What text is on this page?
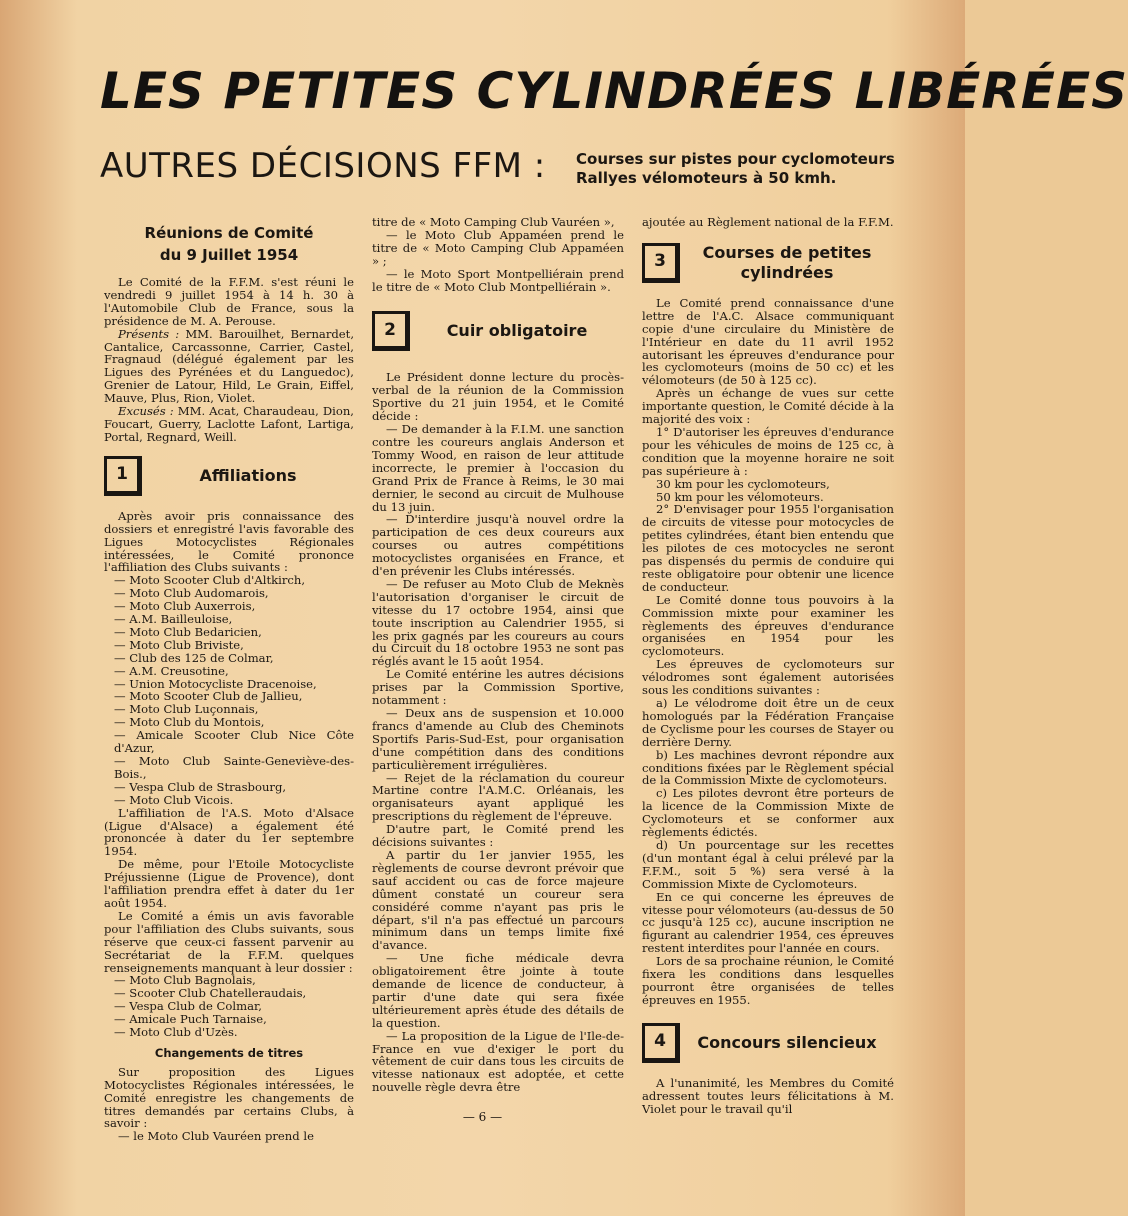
LES PETITES CYLINDRÉES LIBÉRÉES
AUTRES DÉCISIONS FFM : Courses sur pistes pour cyclomoteurs
Rallyes vélomoteurs à 50 kmh.
Réunions de Comité
du 9 Juillet 1954

Le Comité de la F.F.M. s'est réuni le vendredi 9 juillet 1954 à 14 h. 30 à l'Automobile Club de France, sous la présidence de M. A. Perouse.

Présents : MM. Barouilhet, Bernardet, Cantalice, Carcassonne, Carrier, Castel, Fragnaud (délégué également par les Ligues des Pyrénées et du Languedoc), Grenier de Latour, Hild, Le Grain, Eiffel, Mauve, Plus, Rion, Violet.

Excusés : MM. Acat, Charaudeau, Dion, Foucart, Guerry, Laclotte Lafont, Lartiga, Portal, Regnard, Weill.

1	Affiliations

Après avoir pris connaissance des dossiers et enregistré l'avis favorable des Ligues Motocyclistes Régionales intéressées, le Comité prononce l'affiliation des Clubs suivants :

— Moto Scooter Club d'Altkirch,
— Moto Club Audomarois,
— Moto Club Auxerrois,
— A.M. Bailleuloise,
— Moto Club Bedaricien,
— Moto Club Briviste,
— Club des 125 de Colmar,
— A.M. Creusotine,
— Union Motocycliste Dracenoise,
— Moto Scooter Club de Jallieu,
— Moto Club Luçonnais,
— Moto Club du Montois,
— Amicale Scooter Club Nice Côte d'Azur,
— Moto Club Sainte-Geneviève-des-Bois.,
— Vespa Club de Strasbourg,
— Moto Club Vicois.

L'affiliation de l'A.S. Moto d'Alsace (Ligue d'Alsace) a également été prononcée à dater du 1er septembre 1954.

De même, pour l'Etoile Motocycliste Préjussienne (Ligue de Provence), dont l'affiliation prendra effet à dater du 1er août 1954.

Le Comité a émis un avis favorable pour l'affiliation des Clubs suivants, sous réserve que ceux-ci fassent parvenir au Secrétariat de la F.F.M. quelques renseignements manquant à leur dossier :

— Moto Club Bagnolais,
— Scooter Club Chatelleraudais,
— Vespa Club de Colmar,
— Amicale Puch Tarnaise,
— Moto Club d'Uzès.
Changements de titres

Sur proposition des Ligues Motocyclistes Régionales intéressées, le Comité enregistre les changements de titres demandés par certains Clubs, à savoir :

— le Moto Club Vauréen prend le

titre de « Moto Camping Club Vauréen »,

— le Moto Club Appaméen prend le titre de « Moto Camping Club Appaméen » ;

— le Moto Sport Montpelliérain prend le titre de « Moto Club Montpelliérain ».

2	Cuir obligatoire

Le Président donne lecture du procès-verbal de la réunion de la Commission Sportive du 21 juin 1954, et le Comité décide :

— De demander à la F.I.M. une sanction contre les coureurs anglais Anderson et Tommy Wood, en raison de leur attitude incorrecte, le premier à l'occasion du Grand Prix de France à Reims, le 30 mai dernier, le second au circuit de Mulhouse du 13 juin.

— D'interdire jusqu'à nouvel ordre la participation de ces deux coureurs aux courses ou autres compétitions motocyclistes organisées en France, et d'en prévenir les Clubs intéressés.

— De refuser au Moto Club de Meknès l'autorisation d'organiser le circuit de vitesse du 17 octobre 1954, ainsi que toute inscription au Calendrier 1955, si les prix gagnés par les coureurs au cours du Circuit du 18 octobre 1953 ne sont pas réglés avant le 15 août 1954.

Le Comité entérine les autres décisions prises par la Commission Sportive, notamment :

— Deux ans de suspension et 10.000 francs d'amende au Club des Cheminots Sportifs Paris-Sud-Est, pour organisation d'une compétition dans des conditions particulièrement irrégulières.

— Rejet de la réclamation du coureur Martine contre l'A.M.C. Orléanais, les organisateurs ayant appliqué les prescriptions du règlement de l'épreuve.

D'autre part, le Comité prend les décisions suivantes :

A partir du 1er janvier 1955, les règlements de course devront prévoir que sauf accident ou cas de force majeure dûment constaté un coureur sera considéré comme n'ayant pas pris le départ, s'il n'a pas effectué un parcours minimum dans un temps limite fixé d'avance.

— Une fiche médicale devra obligatoirement être jointe à toute demande de licence de conducteur, à partir d'une date qui sera fixée ultérieurement après étude des détails de la question.

— La proposition de la Ligue de l'Ile-de-France en vue d'exiger le port du vêtement de cuir dans tous les circuits de vitesse nationaux est adoptée, et cette nouvelle règle devra être

ajoutée au Règlement national de la F.F.M.

3	Courses de petites cylindrées

Le Comité prend connaissance d'une lettre de l'A.C. Alsace communiquant copie d'une circulaire du Ministère de l'Intérieur en date du 11 avril 1952 autorisant les épreuves d'endurance pour les cyclomoteurs (moins de 50 cc) et les vélomoteurs (de 50 à 125 cc).

Après un échange de vues sur cette importante question, le Comité décide à la majorité des voix :

1° D'autoriser les épreuves d'endurance pour les véhicules de moins de 125 cc, à condition que la moyenne horaire ne soit pas supérieure à :

30 km pour les cyclomoteurs,

50 km pour les vélomoteurs.

2° D'envisager pour 1955 l'organisation de circuits de vitesse pour motocycles de petites cylindrées, étant bien entendu que les pilotes de ces motocycles ne seront pas dispensés du permis de conduire qui reste obligatoire pour obtenir une licence de conducteur.

Le Comité donne tous pouvoirs à la Commission mixte pour examiner les règlements des épreuves d'endurance organisées en 1954 pour les cyclomoteurs.

Les épreuves de cyclomoteurs sur vélodromes sont également autorisées sous les conditions suivantes :

a) Le vélodrome doit être un de ceux homologués par la Fédération Française de Cyclisme pour les courses de Stayer ou derrière Derny.

b) Les machines devront répondre aux conditions fixées par le Règlement spécial de la Commission Mixte de cyclomoteurs.

c) Les pilotes devront être porteurs de la licence de la Commission Mixte de Cyclomoteurs et se conformer aux règlements édictés.

d) Un pourcentage sur les recettes (d'un montant égal à celui prélevé par la F.F.M., soit 5 %) sera versé à la Commission Mixte de Cyclomoteurs.

En ce qui concerne les épreuves de vitesse pour vélomoteurs (au-dessus de 50 cc jusqu'à 125 cc), aucune inscription ne figurant au calendrier 1954, ces épreuves restent interdites pour l'année en cours.

Lors de sa prochaine réunion, le Comité fixera les conditions dans lesquelles pourront être organisées de telles épreuves en 1955.

4	Concours silencieux

A l'unanimité, les Membres du Comité adressent toutes leurs félicitations à M. Violet pour le travail qu'il

— 6 —
